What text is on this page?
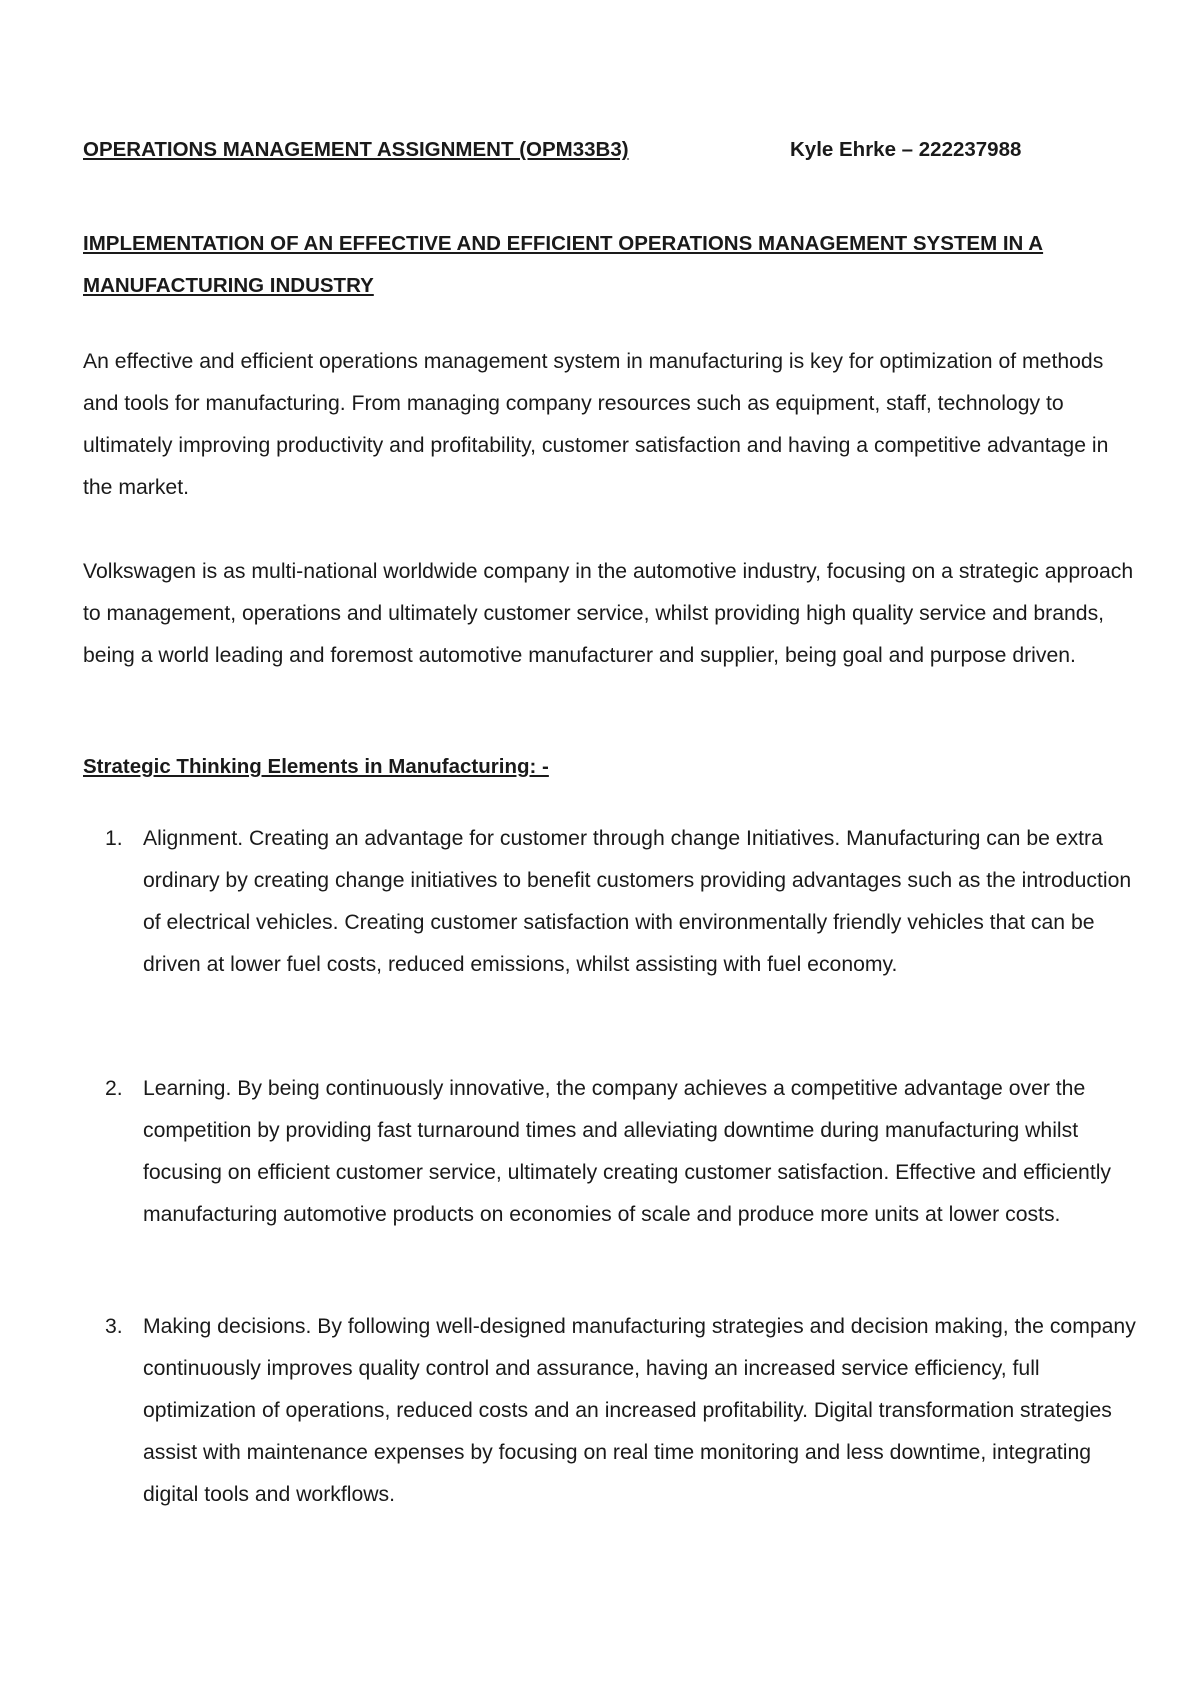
OPERATIONS MANAGEMENT ASSIGNMENT (OPM33B3)	Kyle Ehrke – 222237988
IMPLEMENTATION OF AN EFFECTIVE AND EFFICIENT OPERATIONS MANAGEMENT SYSTEM IN A MANUFACTURING INDUSTRY

An effective and efficient operations management system in manufacturing is key for optimization of methods and tools for manufacturing. From managing company resources such as equipment, staff, technology to ultimately improving productivity and profitability, customer satisfaction and having a competitive advantage in the market.

Volkswagen is as multi-national worldwide company in the automotive industry, focusing on a strategic approach to management, operations and ultimately customer service, whilst providing high quality service and brands, being a world leading and foremost automotive manufacturer and supplier, being goal and purpose driven.

Strategic Thinking Elements in Manufacturing: -
1. Alignment. Creating an advantage for customer through change Initiatives. Manufacturing can be extra ordinary by creating change initiatives to benefit customers providing advantages such as the introduction of electrical vehicles. Creating customer satisfaction with environmentally friendly vehicles that can be driven at lower fuel costs, reduced emissions, whilst assisting with fuel economy.

2. Learning. By being continuously innovative, the company achieves a competitive advantage over the competition by providing fast turnaround times and alleviating downtime during manufacturing whilst focusing on efficient customer service, ultimately creating customer satisfaction. Effective and efficiently manufacturing automotive products on economies of scale and produce more units at lower costs.

3. Making decisions. By following well-designed manufacturing strategies and decision making, the company continuously improves quality control and assurance, having an increased service efficiency, full optimization of operations, reduced costs and an increased profitability. Digital transformation strategies assist with maintenance expenses by focusing on real time monitoring and less downtime, integrating digital tools and workflows.
